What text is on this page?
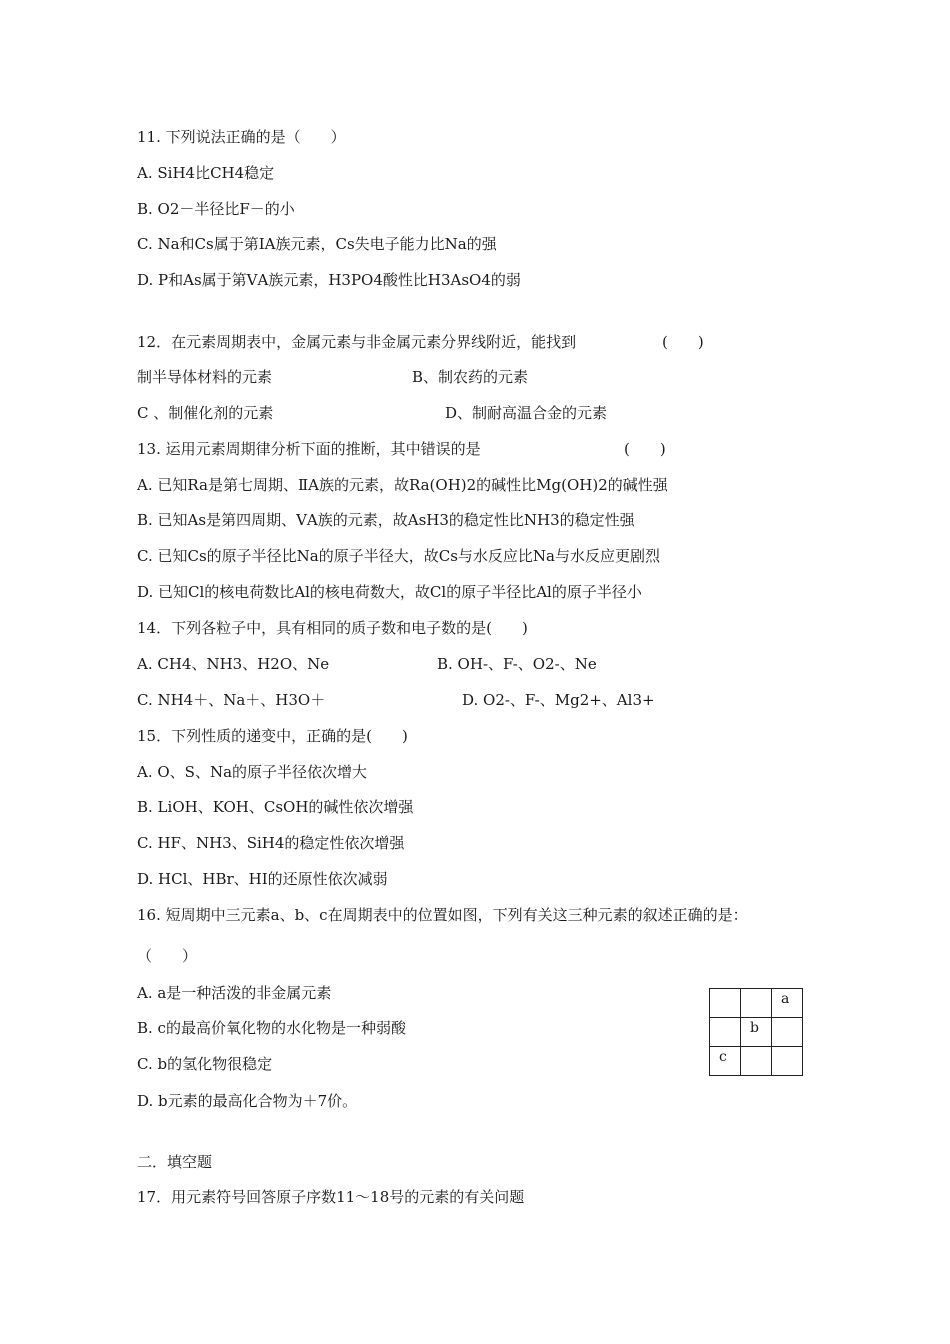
11. 下列说法正确的是（　　）
A. SiH4比CH4稳定
B. O2－半径比F－的小
C. Na和Cs属于第ⅠA族元素，Cs失电子能力比Na的强
D. P和As属于第ⅤA族元素，H3PO4酸性比H3AsO4的弱
12．在元素周期表中，金属元素与非金属元素分界线附近，能找到	(　　)
制半导体材料的元素	B、制农药的元素
C 、制催化剂的元素	D、制耐高温合金的元素
13. 运用元素周期律分析下面的推断，其中错误的是	(　　)
A. 已知Ra是第七周期、ⅡA族的元素，故Ra(OH)2的碱性比Mg(OH)2的碱性强
B. 已知As是第四周期、ⅤA族的元素，故AsH3的稳定性比NH3的稳定性强
C. 已知Cs的原子半径比Na的原子半径大，故Cs与水反应比Na与水反应更剧烈
D. 已知Cl的核电荷数比Al的核电荷数大，故Cl的原子半径比Al的原子半径小
14．下列各粒子中，具有相同的质子数和电子数的是(　　)
A. CH4、NH3、H2O、Ne	B. OH-、F-、O2-、Ne
C. NH4＋、Na＋、H3O＋	D. O2-、F-、Mg2+、Al3+
15．下列性质的递变中，正确的是(　　)
A. O、S、Na的原子半径依次增大
B. LiOH、KOH、CsOH的碱性依次增强
C. HF、NH3、SiH4的稳定性依次增强
D. HCl、HBr、HI的还原性依次减弱
16. 短周期中三元素a、b、c在周期表中的位置如图，下列有关这三种元素的叙述正确的是：
（　　）
A. a是一种活泼的非金属元素
B. c的最高价氧化物的水化物是一种弱酸
C. b的氢化物很稳定
D. b元素的最高化合物为＋7价。
		a
	b	
c		
二．填空题
17．用元素符号回答原子序数11～18号的元素的有关问题
